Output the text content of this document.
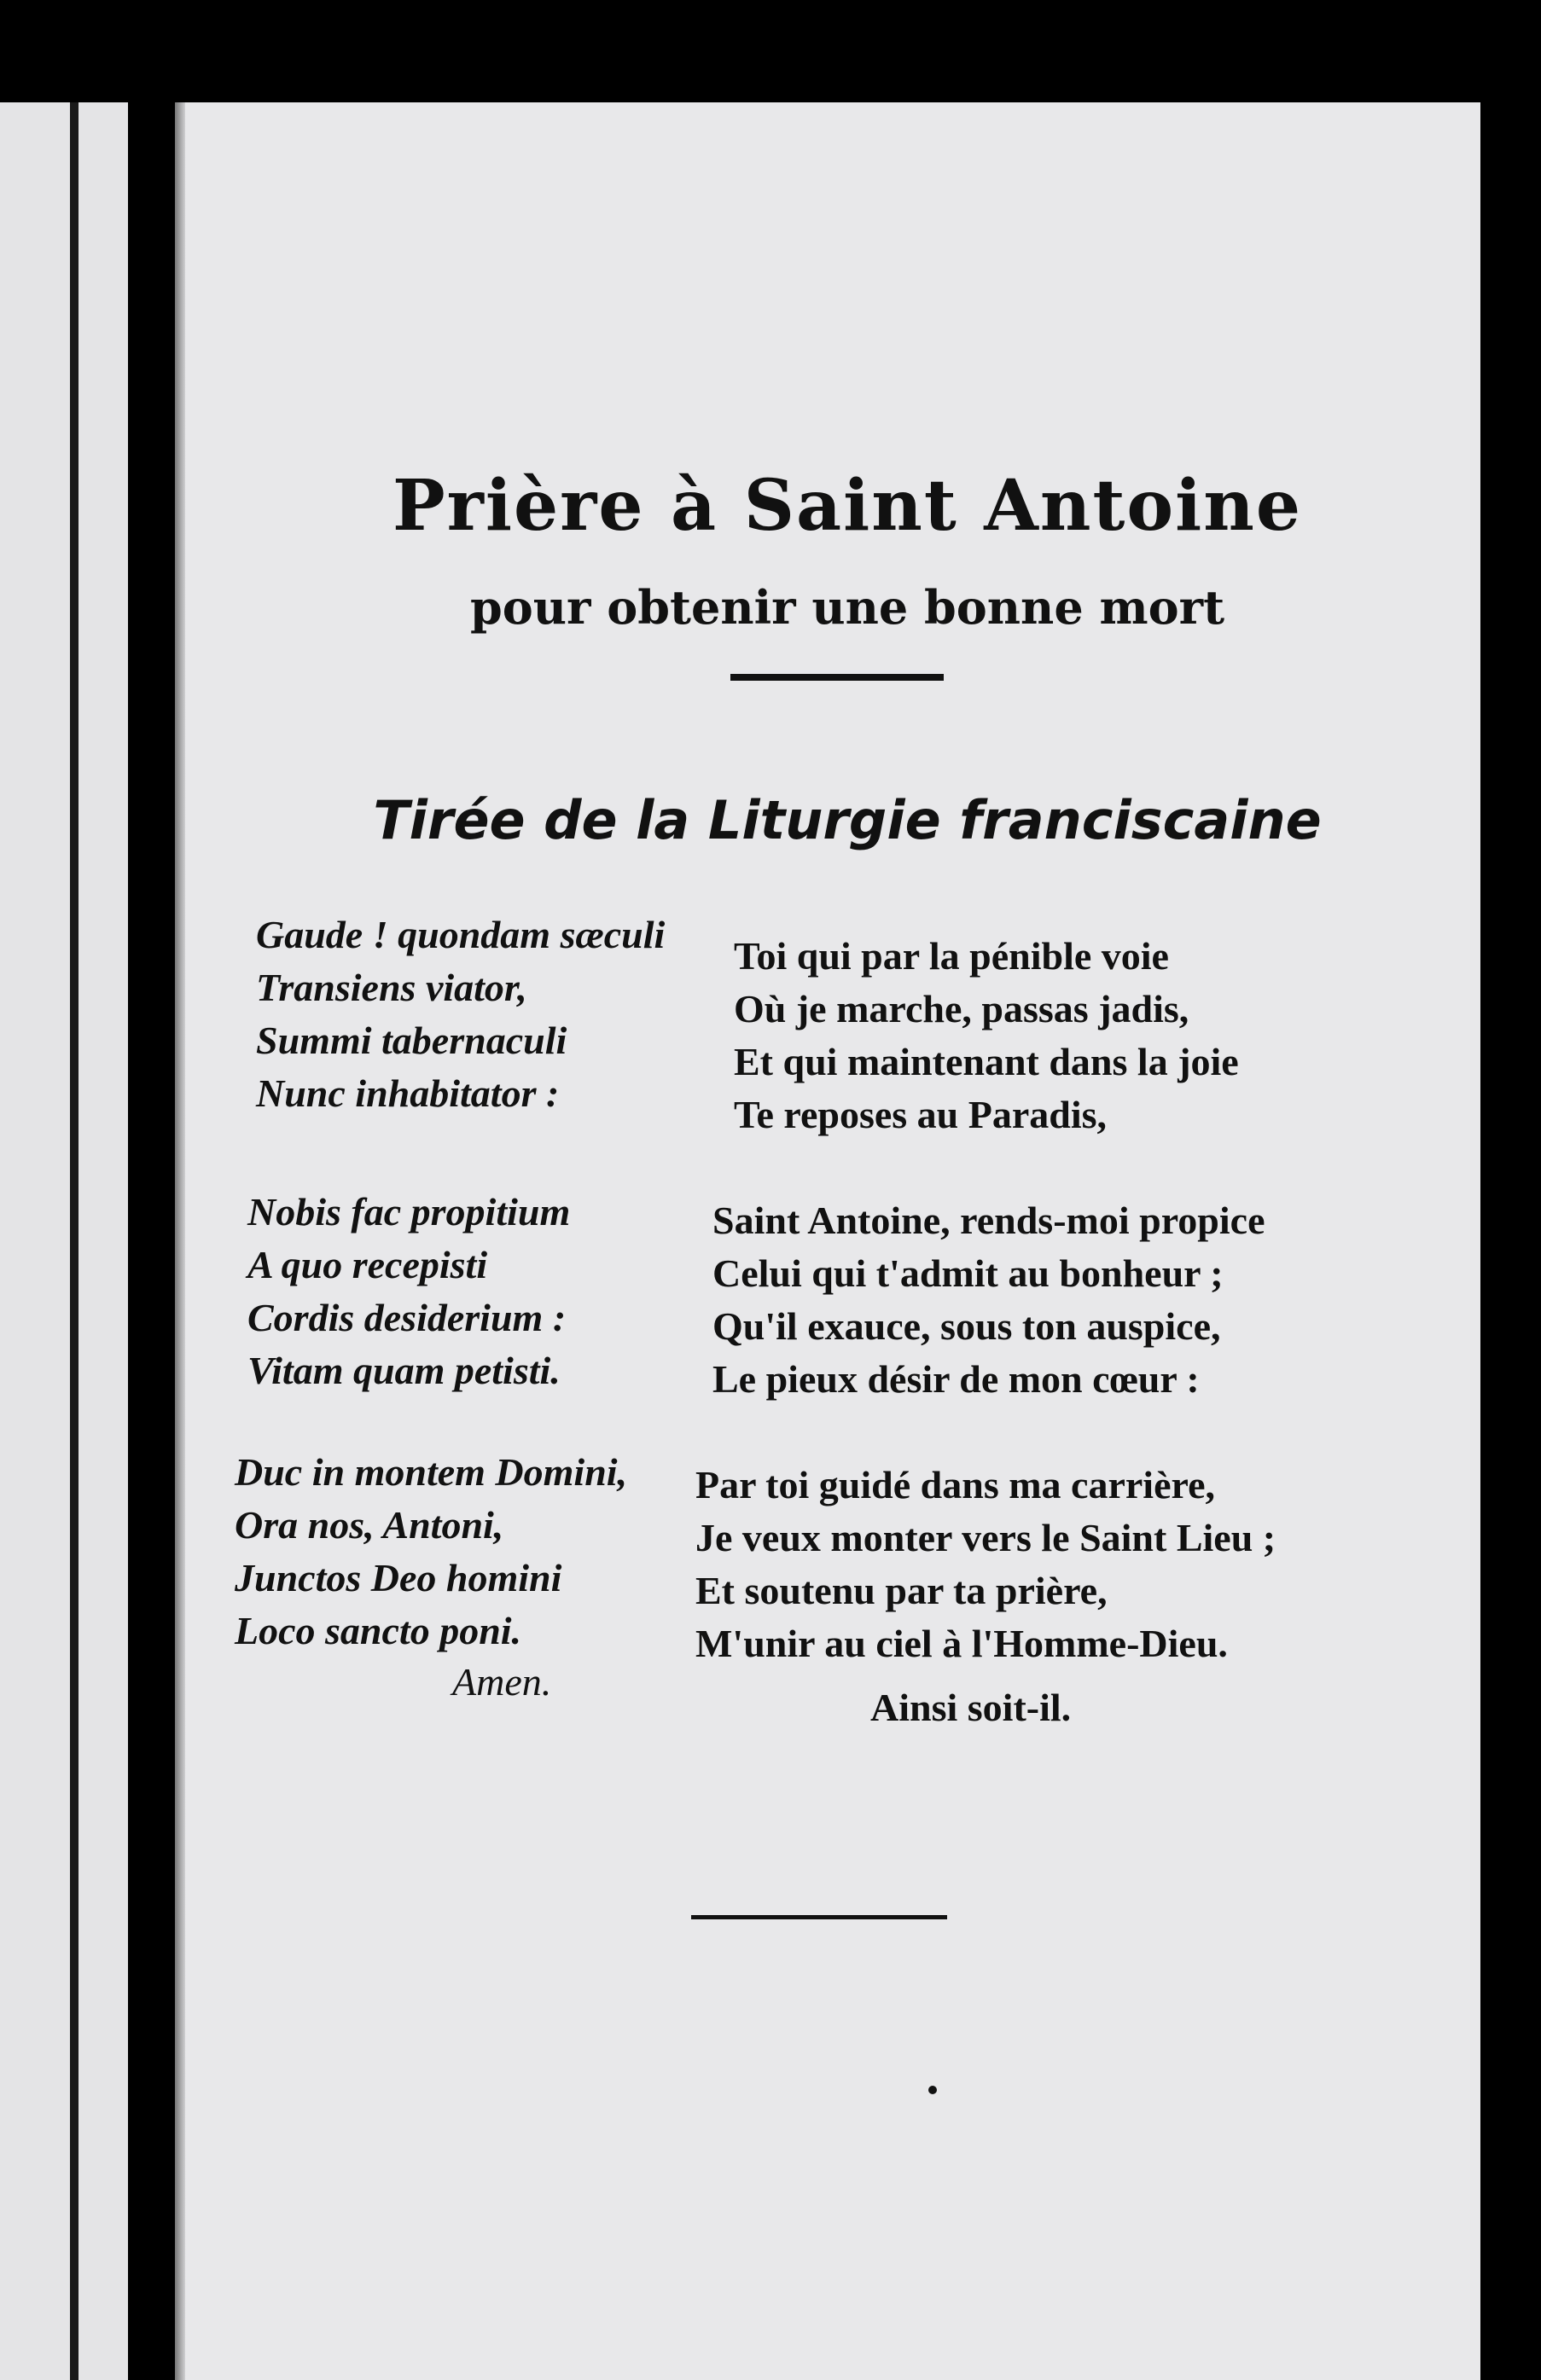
Prière à Saint Antoine
pour obtenir une bonne mort
Tirée de la Liturgie franciscaine
Gaude ! quondam sæculi
Transiens viator,
Summi tabernaculi
Nunc inhabitator :
Toi qui par la pénible voie
Où je marche, passas jadis,
Et qui maintenant dans la joie
Te reposes au Paradis,
Nobis fac propitium
A quo recepisti
Cordis desiderium :
Vitam quam petisti.
Saint Antoine, rends-moi propice
Celui qui t'admit au bonheur ;
Qu'il exauce, sous ton auspice,
Le pieux désir de mon cœur :
Duc in montem Domini,
Ora nos, Antoni,
Junctos Deo homini
Loco sancto poni.
Par toi guidé dans ma carrière,
Je veux monter vers le Saint Lieu ;
Et soutenu par ta prière,
M'unir au ciel à l'Homme-Dieu.
Amen.
Ainsi soit-il.
